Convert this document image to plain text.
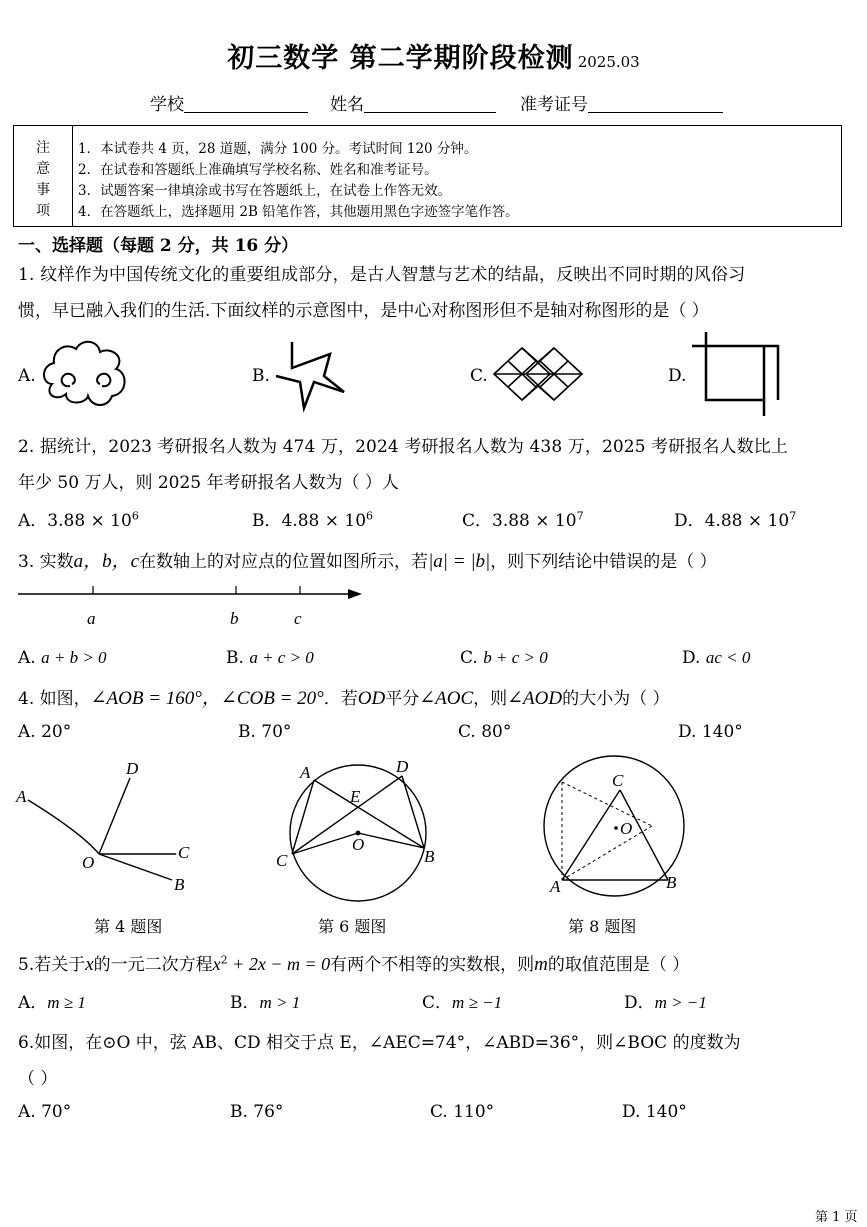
初三数学 第二学期阶段检测 2025.03
学校	姓名	准考证号
注
意
事
项
1．本试卷共 4 页，28 道题，满分 100 分。考试时间 120 分钟。
2．在试卷和答题纸上准确填写学校名称、姓名和准考证号。
3．试题答案一律填涂或书写在答题纸上，在试卷上作答无效。
4．在答题纸上，选择题用 2B 铅笔作答，其他题用黑色字迹签字笔作答。
一、选择题（每题 2 分，共 16 分）
1. 纹样作为中国传统文化的重要组成部分，是古人智慧与艺术的结晶，反映出不同时期的风俗习
惯，早已融入我们的生活.下面纹样的示意图中，是中心对称图形但不是轴对称图形的是（ ）
A.	B.	C.	D.
2. 据统计，2023 考研报名人数为 474 万，2024 考研报名人数为 438 万，2025 考研报名人数比上
年少 50 万人，则 2025 年考研报名人数为（ ）人
A．$3.88 \times 10^6$	B．$4.88 \times 10^6$	C．$3.88 \times 10^7$	D．$4.88 \times 10^7$
3. 实数a，b，c在数轴上的对应点的位置如图所示，若|a| = |b|，则下列结论中错误的是（ ）
a	b	c
A. a + b > 0	B. a + c > 0	C. b + c > 0	D. ac < 0
4. 如图，∠AOB = 160°，∠COB = 20°．若OD平分∠AOC，则∠AOD的大小为（ ）
A. 20°	B. 70°	C. 80°	D. 140°
D
A
O
C
B
第 4 题图
A	D
E
O
C	B
第 6 题图
C
O
A	B
第 8 题图
5.若关于x的一元二次方程$x^2 + 2x - m = 0$有两个不相等的实数根，则m的取值范围是（ ）
A．m ≥ 1	B．m > 1	C．m ≥ −1	D．m > −1
6.如图，在⊙O 中，弦 AB、CD 相交于点 E，∠AEC=74°，∠ABD=36°，则∠BOC 的度数为
（ ）
A. 70°	B. 76°	C. 110°	D. 140°
第 1 页
